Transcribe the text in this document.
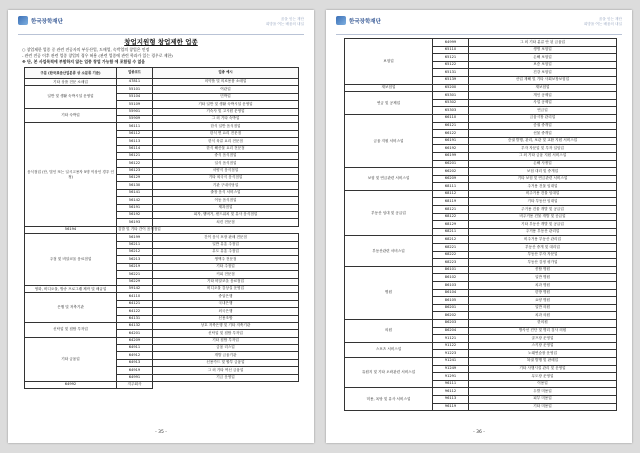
한국장학재단	꿈을 잇는 재단
희망을 여는 배움의 내일
창업지원형 창업제한 업종
○ 창업제한 업종 중 관련 전공자의 부동산업, 도매업, 숙박업의 창업은 인정
- 관련 전공 이후 관련 업종 창업의 경우 허용 (관련 업종에 관련 학과가 있는 경우로 제한)
※ 단, 본 사업목적에 부합하지 않는 업종 창업 가능함 에 포함될 수 없음
구분 (한국표준산업분류 상 소분류 기준)	업종코드	업종 예시
기타 상품 전문 소매업	47811	의약품 및 의료용품 소매업
일반 및 생활 숙박시설 운영업	55101	여관업
	55104	민박업
	55109	기타 일반 및 생활 숙박시설 운영업
기타 숙박업	55901	기숙사 및 고시원 운영업
	55909	그 외 기타 숙박업
음식점업 (단, 법인 또는 일시고용자 5명 이상인 경우 인정)	56111	한식 일반 음식점업
	56112	한식 면 요리 전문점
	56113	한식 육류 요리 전문점
	56114	한식 해산물 요리 전문점
	56121	중식 음식점업
	56122	일식 음식점업
	56123	서양식 음식점업
	56129	기타 외국식 음식점업
	56130	기관 구내식당업
	56141	출장 음식 서비스업
	56142	이동 음식점업
	56191	제과점업
	56192	피자, 햄버거, 샌드위치 및 유사 음식점업
	56193	치킨 전문점
56194	김밥 및 기타 간이 음식점업	
주점 및 비알코올 음료점업	56199	간이 음식 포장 판매 전문점
	56211	일반 유흥 주점업
	56212	무도 유흥 주점업
	56213	생맥주 전문점
	56219	기타 주점업
	56221	커피 전문점
	56229	기타 비알코올 음료점업
영화, 비디오물, 방송 프로그램 제작 및 배급업	59142	비디오물 감상실 운영업
은행 및 저축기관	64110	중앙은행
	64121	국내은행
	64122	외국은행
	64131	신용조합
신탁업 및 집합 투자업	64132	상호 저축은행 및 기타 저축기관
	64201	신탁업 및 집합 투자업
기타 금융업	64209	기타 집합 투자업
	64911	금융 리스업
	64912	개발 금융기관
	64913	신용카드 및 할부 금융업
	64919	그 외 기타 여신 금융업
	64991	기금 운영업
64992	지주회사	
- 35 -
한국장학재단	꿈을 잇는 재단
희망을 여는 배움의 내일
보험업	64999	그 외 기타 분류 안 된 금융업
	65110	생명 보험업
	65121	손해 보험업
	65122	보증 보험업
	65131	건강 보험업
	65139	산업 재해 및 기타 사회보장보험업
재보험업	65200	재보험업
연금 및 공제업	65301	개인 공제업
	65302	사업 공제업
	65303	연금업
금융 지원 서비스업	66110	금융시장 관리업
	66121	증권 중개업
	66122	선물 중개업
	66191	증권 발행, 관리, 보관 및 교환 지원 서비스업
	66192	투자 자문업 및 투자 일임업
	66199	그 외 기타 금융 지원 서비스업
	66201	손해 사정업
보험 및 연금관련 서비스업	66202	보험 대리 및 중개업
	66209	기타 보험 및 연금관련 서비스업
	68111	주거용 건물 임대업
부동산 임대 및 공급업	68112	비주거용 건물 임대업
	68119	기타 부동산 임대업
	68121	주거용 건물 개발 및 공급업
	68122	비주거용 건물 개발 및 공급업
	68129	기타 부동산 개발 및 공급업
	68211	주거용 부동산 관리업
부동산관련 서비스업	68212	비주거용 부동산 관리업
	68221	부동산 중개 및 대리업
	68222	부동산 투자 자문업
	68223	부동산 감정 평가업
병원	86101	종합 병원
	86102	일반 병원
	86103	치과 병원
	86104	한방 병원
	86105	요양 병원
	86201	일반 의원
	86202	치과 의원
의원	86203	한의원
	86204	방사선 진단 및 병리 검사 의원
	91121	골프장 운영업
스포츠 서비스업	91122	스키장 운영업
	91223	노래연습장 운영업
유원지 및 기타 오락관련 서비스업	91241	복권 발행 및 판매업
	91249	기타 사행시설 관리 및 운영업
	91291	무도장 운영업
	96111	이용업
미용, 욕탕 및 유사 서비스업	96112	두발 미용업
	96113	피부 미용업
	96119	기타 미용업
- 36 -
